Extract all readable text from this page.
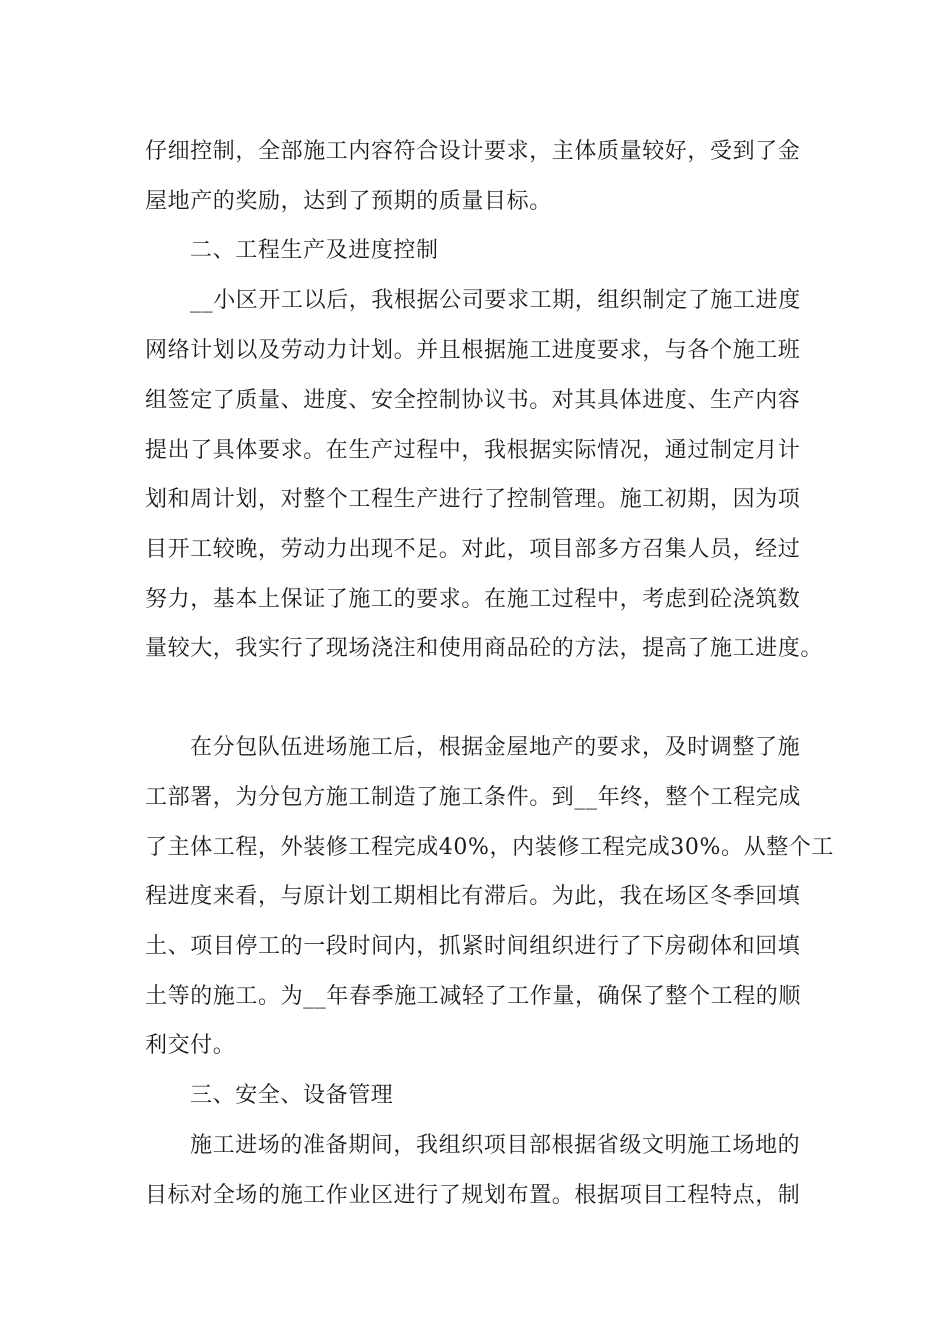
仔细控制，全部施工内容符合设计要求，主体质量较好，受到了金
屋地产的奖励，达到了预期的质量目标。
二、工程生产及进度控制
__小区开工以后，我根据公司要求工期，组织制定了施工进度
网络计划以及劳动力计划。并且根据施工进度要求，与各个施工班
组签定了质量、进度、安全控制协议书。对其具体进度、生产内容
提出了具体要求。在生产过程中，我根据实际情况，通过制定月计
划和周计划，对整个工程生产进行了控制管理。施工初期，因为项
目开工较晚，劳动力出现不足。对此，项目部多方召集人员，经过
努力，基本上保证了施工的要求。在施工过程中，考虑到砼浇筑数
量较大，我实行了现场浇注和使用商品砼的方法，提高了施工进度。
在分包队伍进场施工后，根据金屋地产的要求，及时调整了施
工部署，为分包方施工制造了施工条件。到__年终，整个工程完成
了主体工程，外装修工程完成40%，内装修工程完成30%。从整个工
程进度来看，与原计划工期相比有滞后。为此，我在场区冬季回填
土、项目停工的一段时间内，抓紧时间组织进行了下房砌体和回填
土等的施工。为__年春季施工减轻了工作量，确保了整个工程的顺
利交付。
三、安全、设备管理
施工进场的准备期间，我组织项目部根据省级文明施工场地的
目标对全场的施工作业区进行了规划布置。根据项目工程特点，制
